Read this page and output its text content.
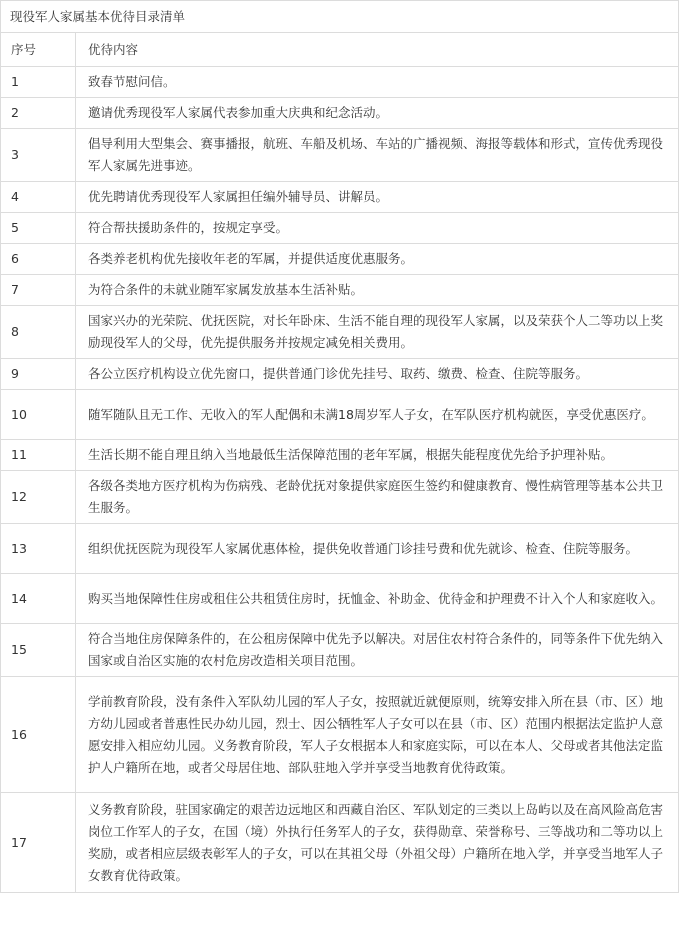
现役军人家属基本优待目录清单
序号	优待内容
1	致春节慰问信。
2	邀请优秀现役军人家属代表参加重大庆典和纪念活动。
3	倡导利用大型集会、赛事播报，航班、车船及机场、车站的广播视频、海报等载体和形式，宣传优秀现役军人家属先进事迹。
4	优先聘请优秀现役军人家属担任编外辅导员、讲解员。
5	符合帮扶援助条件的，按规定享受。
6	各类养老机构优先接收年老的军属，并提供适度优惠服务。
7	为符合条件的未就业随军家属发放基本生活补贴。
8	国家兴办的光荣院、优抚医院，对长年卧床、生活不能自理的现役军人家属，以及荣获个人二等功以上奖励现役军人的父母，优先提供服务并按规定减免相关费用。
9	各公立医疗机构设立优先窗口，提供普通门诊优先挂号、取药、缴费、检查、住院等服务。
10	随军随队且无工作、无收入的军人配偶和未满18周岁军人子女，在军队医疗机构就医，享受优惠医疗。
11	生活长期不能自理且纳入当地最低生活保障范围的老年军属，根据失能程度优先给予护理补贴。
12	各级各类地方医疗机构为伤病残、老龄优抚对象提供家庭医生签约和健康教育、慢性病管理等基本公共卫生服务。
13	组织优抚医院为现役军人家属优惠体检，提供免收普通门诊挂号费和优先就诊、检查、住院等服务。
14	购买当地保障性住房或租住公共租赁住房时，抚恤金、补助金、优待金和护理费不计入个人和家庭收入。
15	符合当地住房保障条件的，在公租房保障中优先予以解决。对居住农村符合条件的，同等条件下优先纳入国家或自治区实施的农村危房改造相关项目范围。
16	学前教育阶段，没有条件入军队幼儿园的军人子女，按照就近就便原则，统筹安排入所在县（市、区）地方幼儿园或者普惠性民办幼儿园，烈士、因公牺牲军人子女可以在县（市、区）范围内根据法定监护人意愿安排入相应幼儿园。义务教育阶段，军人子女根据本人和家庭实际，可以在本人、父母或者其他法定监护人户籍所在地，或者父母居住地、部队驻地入学并享受当地教育优待政策。
17	义务教育阶段，驻国家确定的艰苦边远地区和西藏自治区、军队划定的三类以上岛屿以及在高风险高危害岗位工作军人的子女，在国（境）外执行任务军人的子女，获得勋章、荣誉称号、三等战功和二等功以上奖励，或者相应层级表彰军人的子女，可以在其祖父母（外祖父母）户籍所在地入学，并享受当地军人子女教育优待政策。
